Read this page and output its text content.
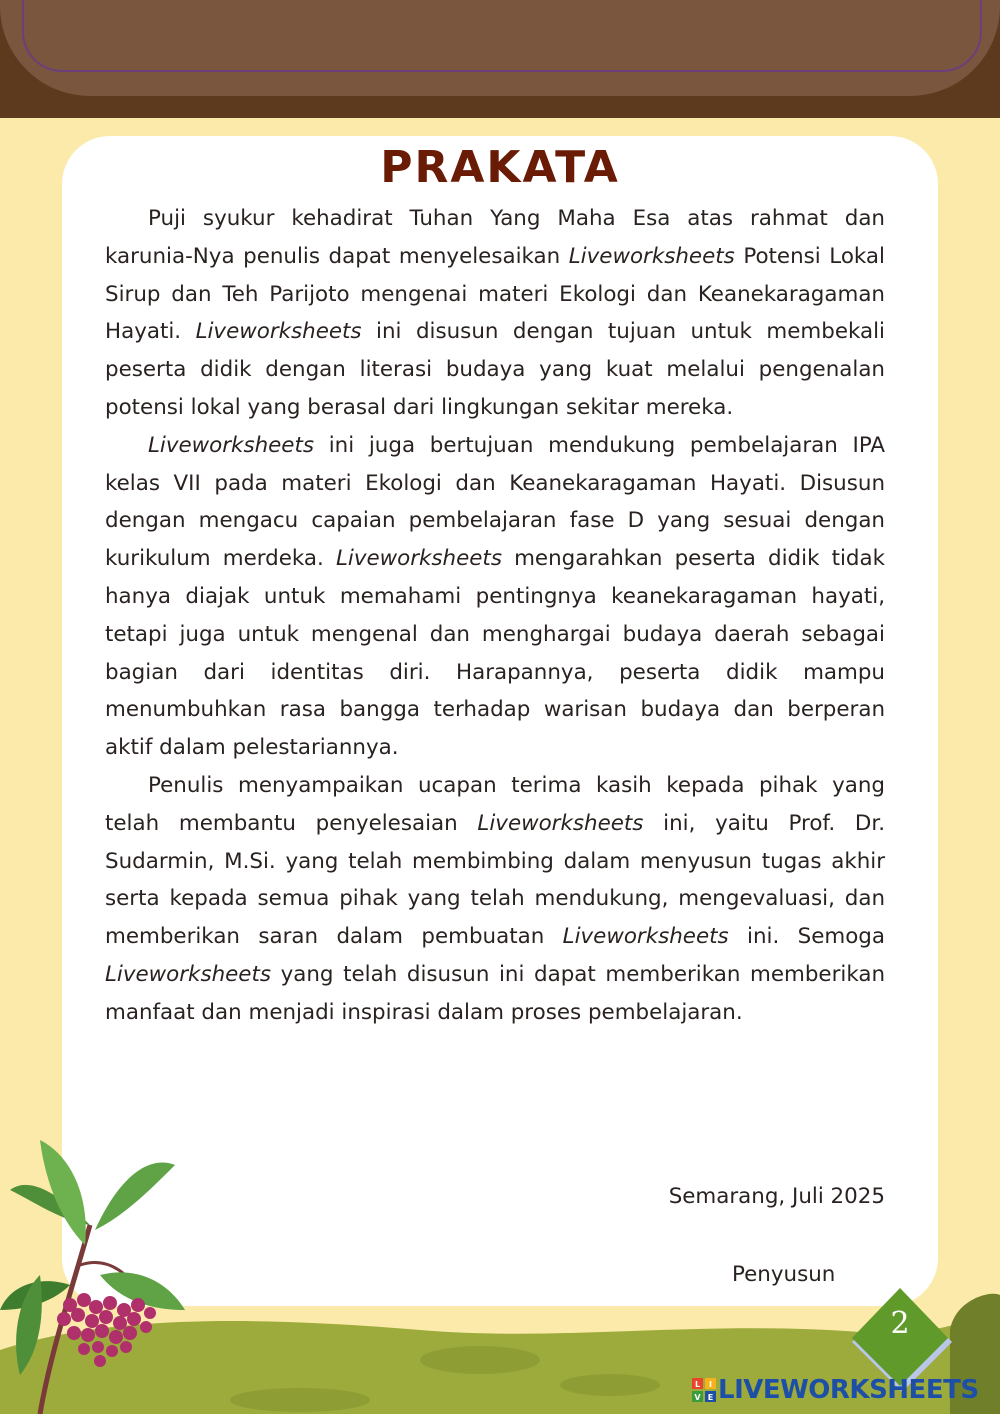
PRAKATA

Puji syukur kehadirat Tuhan Yang Maha Esa atas rahmat dan karunia-Nya penulis dapat menyelesaikan Liveworksheets Potensi Lokal Sirup dan Teh Parijoto mengenai materi Ekologi dan Keanekaragaman Hayati. Liveworksheets ini disusun dengan tujuan untuk membekali peserta didik dengan literasi budaya yang kuat melalui pengenalan potensi lokal yang berasal dari lingkungan sekitar mereka.

Liveworksheets ini juga bertujuan mendukung pembelajaran IPA kelas VII pada materi Ekologi dan Keanekaragaman Hayati. Disusun dengan mengacu capaian pembelajaran fase D yang sesuai dengan kurikulum merdeka. Liveworksheets mengarahkan peserta didik tidak hanya diajak untuk memahami pentingnya keanekaragaman hayati, tetapi juga untuk mengenal dan menghargai budaya daerah sebagai bagian dari identitas diri. Harapannya, peserta didik mampu menumbuhkan rasa bangga terhadap warisan budaya dan berperan aktif dalam pelestariannya.

Penulis menyampaikan ucapan terima kasih kepada pihak yang telah membantu penyelesaian Liveworksheets ini, yaitu Prof. Dr. Sudarmin, M.Si. yang telah membimbing dalam menyusun tugas akhir serta kepada semua pihak yang telah mendukung, mengevaluasi, dan memberikan saran dalam pembuatan Liveworksheets ini. Semoga Liveworksheets yang telah disusun ini dapat memberikan memberikan manfaat dan menjadi inspirasi dalam proses pembelajaran.

Semarang, Juli 2025
Penyusun
2
L I
V E LIVEWORKSHEETS
